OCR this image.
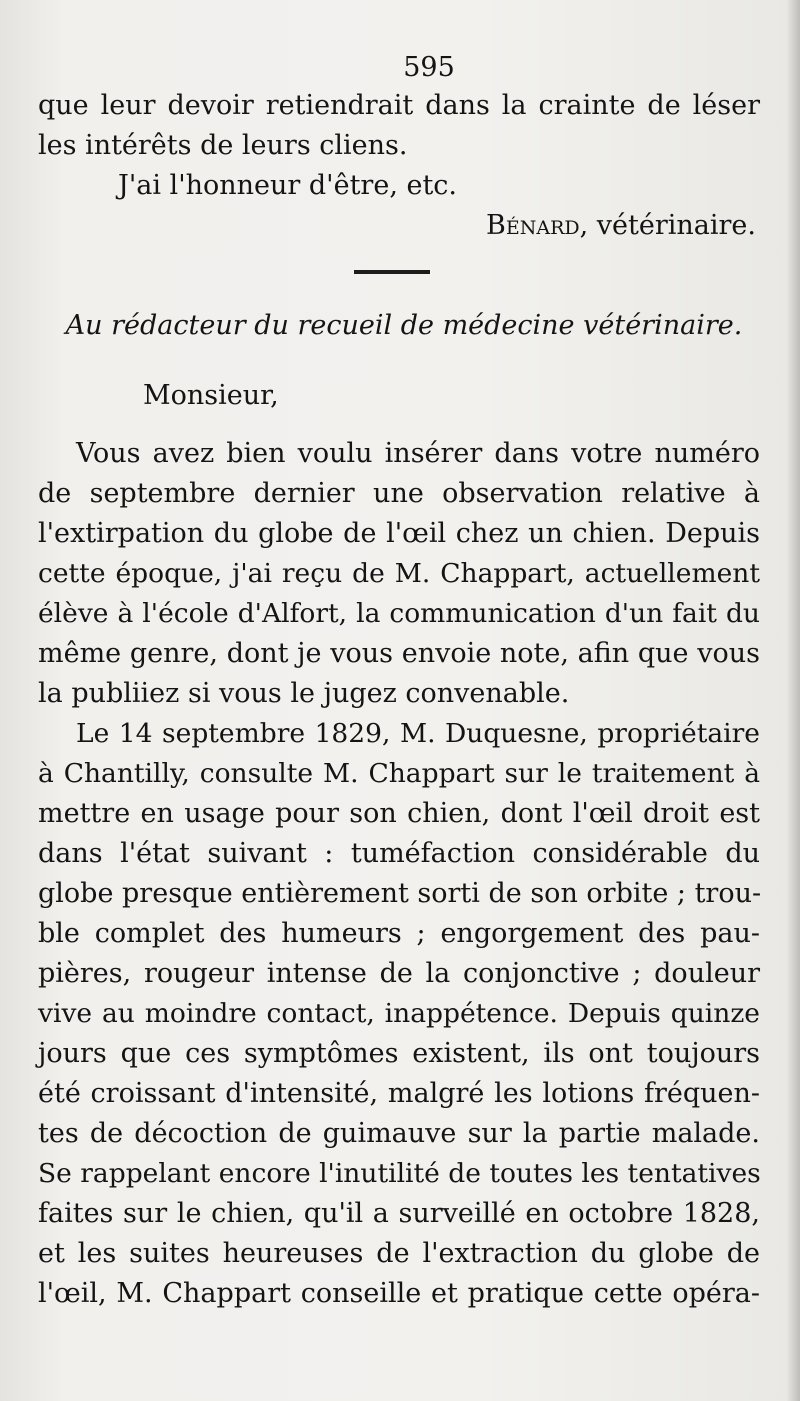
595
que leur devoir retiendrait dans la crainte de léser
les intérêts de leurs cliens.
J'ai l'honneur d'être, etc.
Bénard, vétérinaire.
Au rédacteur du recueil de médecine vétérinaire.
Monsieur,
Vous avez bien voulu insérer dans votre numéro
de septembre dernier une observation relative à
l'extirpation du globe de l'œil chez un chien. Depuis
cette époque, j'ai reçu de M. Chappart, actuellement
élève à l'école d'Alfort, la communication d'un fait du
même genre, dont je vous envoie note, afin que vous
la publiiez si vous le jugez convenable.
Le 14 septembre 1829, M. Duquesne, propriétaire
à Chantilly, consulte M. Chappart sur le traitement à
mettre en usage pour son chien, dont l'œil droit est
dans l'état suivant : tuméfaction considérable du
globe presque entièrement sorti de son orbite ; trou-
ble complet des humeurs ; engorgement des pau-
pières, rougeur intense de la conjonctive ; douleur
vive au moindre contact, inappétence. Depuis quinze
jours que ces symptômes existent, ils ont toujours
été croissant d'intensité, malgré les lotions fréquen-
tes de décoction de guimauve sur la partie malade.
Se rappelant encore l'inutilité de toutes les tentatives
faites sur le chien, qu'il a surveillé en octobre 1828,
et les suites heureuses de l'extraction du globe de
l'œil, M. Chappart conseille et pratique cette opéra-
